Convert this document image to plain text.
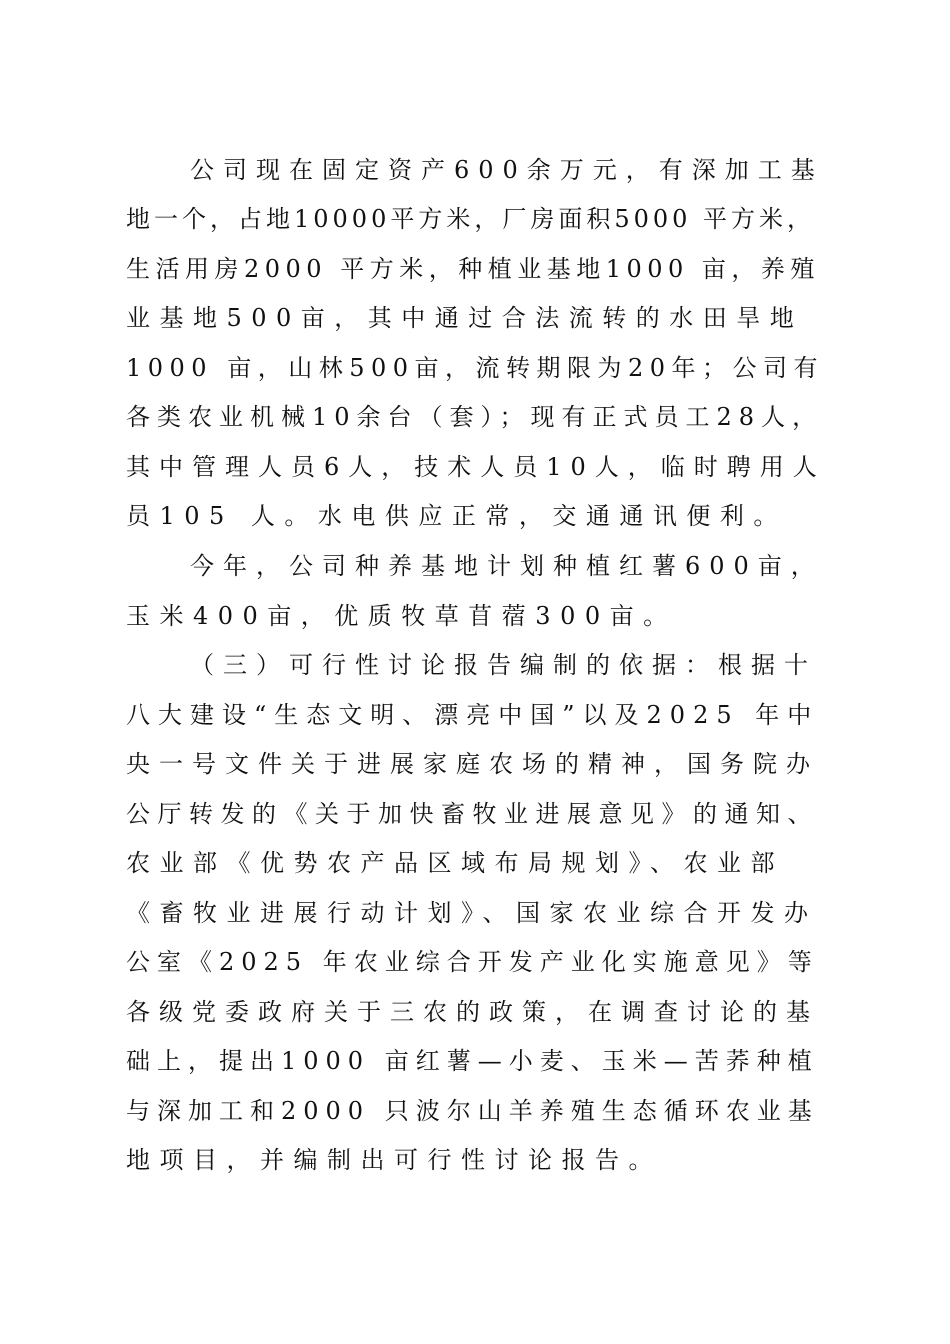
公司现在固定资产600余万元，有深加工基
地一个，占地10000平方米，厂房面积5000 平方米，
生活用房2000 平方米，种植业基地1000 亩，养殖
业基地500亩，其中通过合法流转的水田旱地
1000 亩，山林500亩，流转期限为20年；公司有
各类农业机械10余台（套）；现有正式员工28人，
其中管理人员6人，技术人员10人，临时聘用人
员105 人。水电供应正常，交通通讯便利。
今年，公司种养基地计划种植红薯600亩，
玉米400亩，优质牧草苜蓿300亩。
（三）可行性讨论报告编制的依据：根据十
八大建设“生态文明、漂亮中国”以及2025 年中
央一号文件关于进展家庭农场的精神，国务院办
公厅转发的《关于加快畜牧业进展意见》的通知、
农业部《优势农产品区域布局规划》、农业部
《畜牧业进展行动计划》、国家农业综合开发办
公室《2025 年农业综合开发产业化实施意见》等
各级党委政府关于三农的政策，在调查讨论的基
础上，提出1000 亩红薯—小麦、玉米—苦荞种植
与深加工和2000 只波尔山羊养殖生态循环农业基
地项目，并编制出可行性讨论报告。
